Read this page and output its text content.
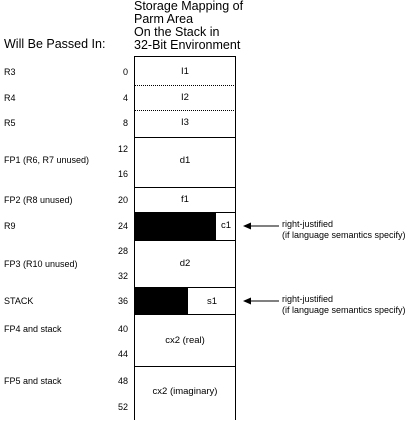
Will Be Passed In:
Storage Mapping of
Parm Area
On the Stack in
32-Bit Environment
R3
R4
R5
FP1 (R6, R7 unused)
FP2 (R8 unused)
R9
FP3 (R10 unused)
STACK
FP4 and stack
FP5 and stack
0
4
8
12
16
20
24
28
32
36
40
44
48
52
I1
I2
I3
d1
f1
c1
d2
s1
cx2 (real)
cx2 (imaginary)
right-justified
(if language semantics specify)
right-justified
(if language semantics specify)
